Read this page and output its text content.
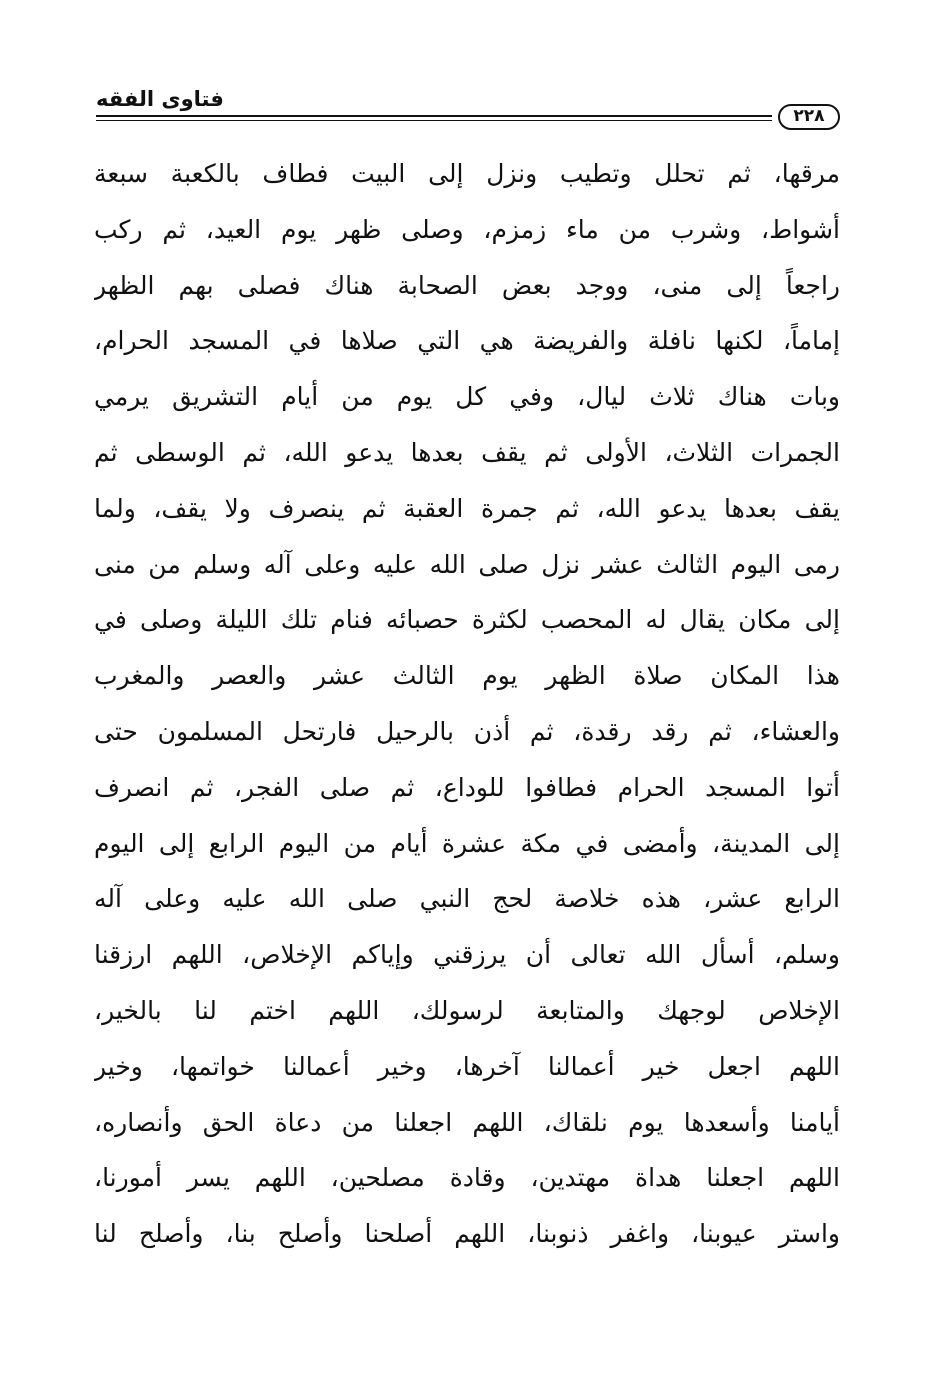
فتاوى الفقه
٢٢٨
مرقها، ثم تحلل وتطيب ونزل إلى البيت فطاف بالكعبة سبعة
أشواط، وشرب من ماء زمزم، وصلى ظهر يوم العيد، ثم ركب
راجعاً إلى منى، ووجد بعض الصحابة هناك فصلى بهم الظهر
إماماً، لكنها نافلة والفريضة هي التي صلاها في المسجد الحرام،
وبات هناك ثلاث ليال، وفي كل يوم من أيام التشريق يرمي
الجمرات الثلاث، الأولى ثم يقف بعدها يدعو الله، ثم الوسطى ثم
يقف بعدها يدعو الله، ثم جمرة العقبة ثم ينصرف ولا يقف، ولما
رمى اليوم الثالث عشر نزل صلى الله عليه وعلى آله وسلم من منى
إلى مكان يقال له المحصب لكثرة حصبائه فنام تلك الليلة وصلى في
هذا المكان صلاة الظهر يوم الثالث عشر والعصر والمغرب
والعشاء، ثم رقد رقدة، ثم أذن بالرحيل فارتحل المسلمون حتى
أتوا المسجد الحرام فطافوا للوداع، ثم صلى الفجر، ثم انصرف
إلى المدينة، وأمضى في مكة عشرة أيام من اليوم الرابع إلى اليوم
الرابع عشر، هذه خلاصة لحج النبي صلى الله عليه وعلى آله
وسلم، أسأل الله تعالى أن يرزقني وإياكم الإخلاص، اللهم ارزقنا
الإخلاص لوجهك والمتابعة لرسولك، اللهم اختم لنا بالخير،
اللهم اجعل خير أعمالنا آخرها، وخير أعمالنا خواتمها، وخير
أيامنا وأسعدها يوم نلقاك، اللهم اجعلنا من دعاة الحق وأنصاره،
اللهم اجعلنا هداة مهتدين، وقادة مصلحين، اللهم يسر أمورنا،
واستر عيوبنا، واغفر ذنوبنا، اللهم أصلحنا وأصلح بنا، وأصلح لنا
